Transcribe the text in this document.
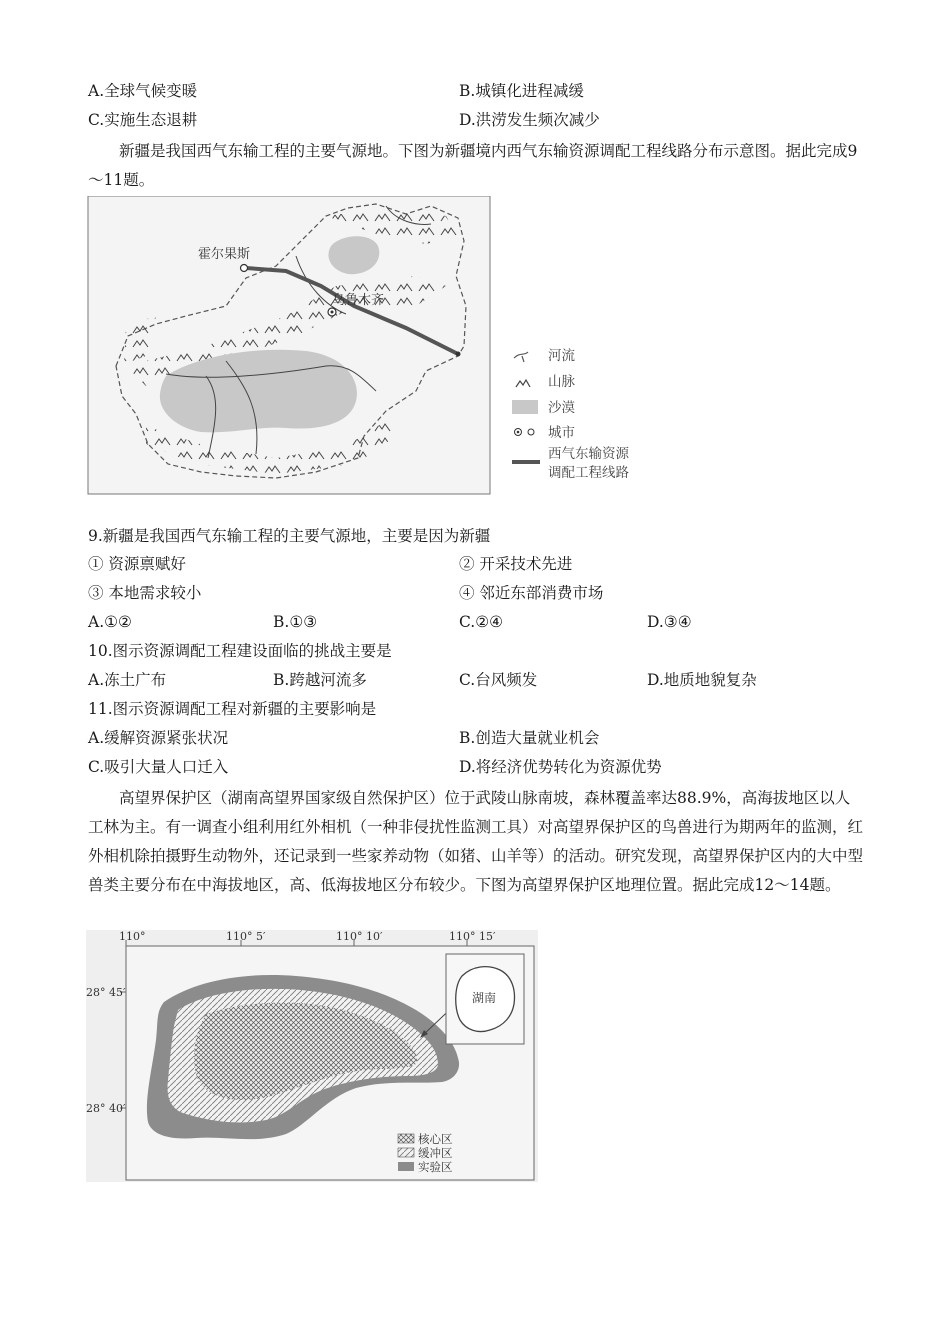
A.全球气候变暖	B.城镇化进程减缓
C.实施生态退耕	D.洪涝发生频次减少
新疆是我国西气东输工程的主要气源地。下图为新疆境内西气东输资源调配工程线路分布示意图。据此完成9～11题。
霍尔果斯
乌鲁木齐
河流
山脉
沙漠
城市
西气东输资源
调配工程线路
9.新疆是我国西气东输工程的主要气源地，主要是因为新疆
① 资源禀赋好	② 开采技术先进
③ 本地需求较小	④ 邻近东部消费市场
A.①②	B.①③	C.②④	D.③④
10.图示资源调配工程建设面临的挑战主要是
A.冻土广布	B.跨越河流多	C.台风频发	D.地质地貌复杂
11.图示资源调配工程对新疆的主要影响是
A.缓解资源紧张状况	B.创造大量就业机会
C.吸引大量人口迁入	D.将经济优势转化为资源优势
高望界保护区（湖南高望界国家级自然保护区）位于武陵山脉南坡，森林覆盖率达88.9%，高海拔地区以人工林为主。有一调查小组利用红外相机（一种非侵扰性监测工具）对高望界保护区的鸟兽进行为期两年的监测，红外相机除拍摄野生动物外，还记录到一些家养动物（如猪、山羊等）的活动。研究发现，高望界保护区内的大中型兽类主要分布在中海拔地区，高、低海拔地区分布较少。下图为高望界保护区地理位置。据此完成12～14题。
110°	110° 5′	110° 10′	110° 15′
28° 45′
28° 40′
湖南
核心区
缓冲区
实验区
